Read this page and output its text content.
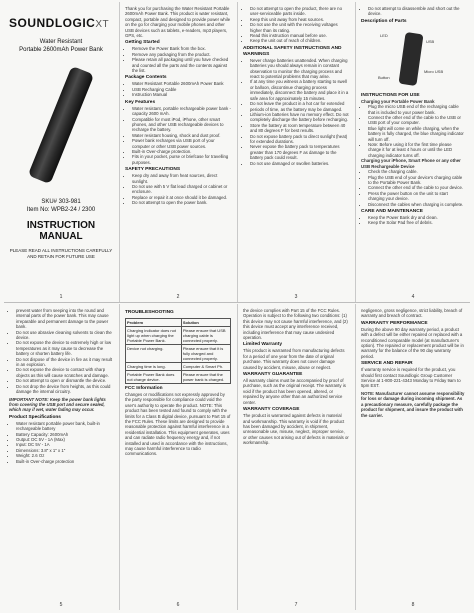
SOUNDLOGICXT
Water Resistant
Portable 2600mAh Power Bank
SKU# 303-981
Item No: WPB2-24 / 2300
INSTRUCTION MANUAL
PLEASE READ ALL INSTRUCTIONS CAREFULLY AND RETAIN FOR FUTURE USE
1

Thank you for purchasing the Water Resistant Portable 2600mAh Power Bank. This product is water resistant, compact, portable and designed to provide power while on the go for charging your mobile phones and other USB devices such as tablets, e-readers, mp3 players, GPS, etc.

Getting Started
• Remove the Power Bank from the box.
• Remove any packaging from the product.
• Please retain all packaging until you have checked and counted all the parts and the contents against the list.
Package Contents
• Water Resistant Portable 2600mAh Power Bank
• USB Recharging Cable
• Instruction Manual
Key Features
• Water resistant, portable rechargeable power bank - capacity 2600 mAh.
• Compatible for most iPod, iPhone, other smart phones, and other USB rechargeable devices to recharge the battery.
• Water resistant housing, shock and dust proof.
• Power bank recharges via USB port of your computer or other USB power sources.
• Built-in Over-charge protection.
• Fits in your pocket, purse or briefcase for travelling purposes.
SAFETY PRECAUTIONS
• Keep dry and away from heat sources, direct sunlight.
• Do not use with 5 V flat lead charged or cabinet or enclosure.
• Replace or repair it at once should it be damaged.
• Do not attempt to open the power bank.
2
• Do not attempt to open the product, there are no user-serviceable parts inside.
• Keep this unit away from heat sources.
• Do not use the unit with the receiving voltages higher than its rating.
• Read this instruction manual before use.
• Keep the unit out of reach of children.
ADDITIONAL SAFETY INSTRUCTIONS AND WARNINGS
• Never charge batteries unattended. When charging batteries you should always remain in constant observation to monitor the charging process and react to potential problems that may arise.
• If at any time you witness a battery starting to swell or balloon, discontinue charging process immediately, disconnect the battery and place it in a safe area for approximately 15 minutes.
• Do not leave the product in a hot car for extended periods of time, as the battery may be damaged.
• Lithium-ion batteries have no memory effect. Do not completely discharge the battery before recharging.
• Store the battery at room temperature between 40 and 80 degrees F for best results.
• Do not expose battery pack to direct sunlight (heat) for extended durations.
• Never expose the battery pack to temperatures greater than 170 degrees F as damage to the battery pack could result.
• Do not use damaged or swollen batteries.
3
• Do not attempt to disassemble and short out the device.
Description of Parts
LED
USB
Micro USB
Button
INSTRUCTIONS FOR USE

Charging your Portable Power Bank

• Plug the micro USB end of the recharging cable that is included to your power bank.
• Connect the other end of the cable to the USB or USB port of your computer.
• Blue light will come on while charging, when the battery is fully charged, the blue charging indicator will turn off.
• Note: Before using it for the first time please charge it for at least 4 hours or until the LED charging indicator turns off.

Charging your iPhone, Smart Phone or any other USB Rechargeable Device

• Check the charging cable.
• Plug the USB end of your device's charging cable to the Portable Power Bank.
• Connect the other end of the cable to your device.
• Press the power button on the unit to start charging your device.
• Disconnect the cables when charging is complete.
CARE AND MAINTENANCE
• Keep the Power Bank dry and clean.
• Keep the Solar Pad free of debris.
4
• prevent water from seeping into the round and internal parts of the power bank. This may cause irreparable and permanent damage to the power bank.
• Do not use abrasive cleaning solvents to clean the device.
• Do not expose the device to extremely high or low temperatures as it may cause to decrease the battery or shorten battery life.
• Do not dispose of the device in fire as it may result in an explosion.
• Do not expose the device to contact with sharp objects as this will cause scratches and damage.
• Do not attempt to open or dismantle the device.
• Do not drop the device from heights, as this could damage the internal circuitry.

IMPORTANT NOTE: Keep the power bank lights from covering the USB port and secure sealed, which may if wet, water fading may occur.

Product Specifications
• Water resistant portable power bank, built-in rechargeable battery
• Battery Capacity: 2600mAh
• Output: DC 5V - 1A (Max)
• Input: DC 5V - 1A
• Dimensions: 3.8" x 1" x 1"
• Weight: 2.6 Oz
• Built-in Over-charge protection
5
TROUBLESHOOTING
Problem	Solution
Charging indicator does not light up when charging the Portable Power Bank.	Please ensure that USB charging cable is connected properly.
Device not charging.	Please ensure that it is fully charged and connected properly.
Charging time is long.	Computer & Smart Ph.
Portable Power Bank does not charge device.	Please ensure that the power bank is charged.
FCC Information

Changes or modifications not expressly approved by the party responsible for compliance could void the user's authority to operate the product. NOTE: This product has been tested and found to comply with the limits for a Class B digital device, pursuant to Part 15 of the FCC Rules. These limits are designed to provide reasonable protection against harmful interference in a residential installation. This equipment generates, uses and can radiate radio frequency energy and, if not installed and used in accordance with the instructions, may cause harmful interference to radio communications.

6

the device complies with Part 15 of the FCC Rules. Operation is subject to the following two conditions: (1) this device may not cause harmful interference, and (2) this device must accept any interference received, including interference that may cause undesired operation.

Limited Warranty

This product is warranted from manufacturing defects for a period of one year from the date of original purchase. This warranty does not cover damage caused by accident, misuse, abuse or neglect.

WARRANTY GUARANTEE

All warranty claims must be accompanied by proof of purchase, such as the original receipt. The warranty is void if the product has been opened, altered, or repaired by anyone other than an authorized service center.

WARRANTY COVERAGE

The product is warranted against defects in material and workmanship. This warranty is void if the product has been damaged by accident, in shipment, unreasonable use, misuse, neglect, improper service, or other causes not arising out of defects in materials or workmanship.

7

negligence, gross negligence, strict liability, breach of warranty and breach of contract.

WARRANTY PERFORMANCE

During the above 90 day warranty period, a product with a defect will be either repaired or replaced with a reconditioned comparable model (at manufacturer's option). The repaired or replacement product will be in warranty for the balance of the 90 day warranty period.

SERVICE AND REPAIR

If warranty service is required for the product, you should first contact Soundlogic Group Customer Service at 1-800-221-4343 Monday to Friday 9am to 5pm EST.

NOTE: Manufacturer cannot assume responsibility for loss or damage during incoming shipment. As a precautionary measure, carefully package the product for shipment, and insure the product with the carrier.

8
